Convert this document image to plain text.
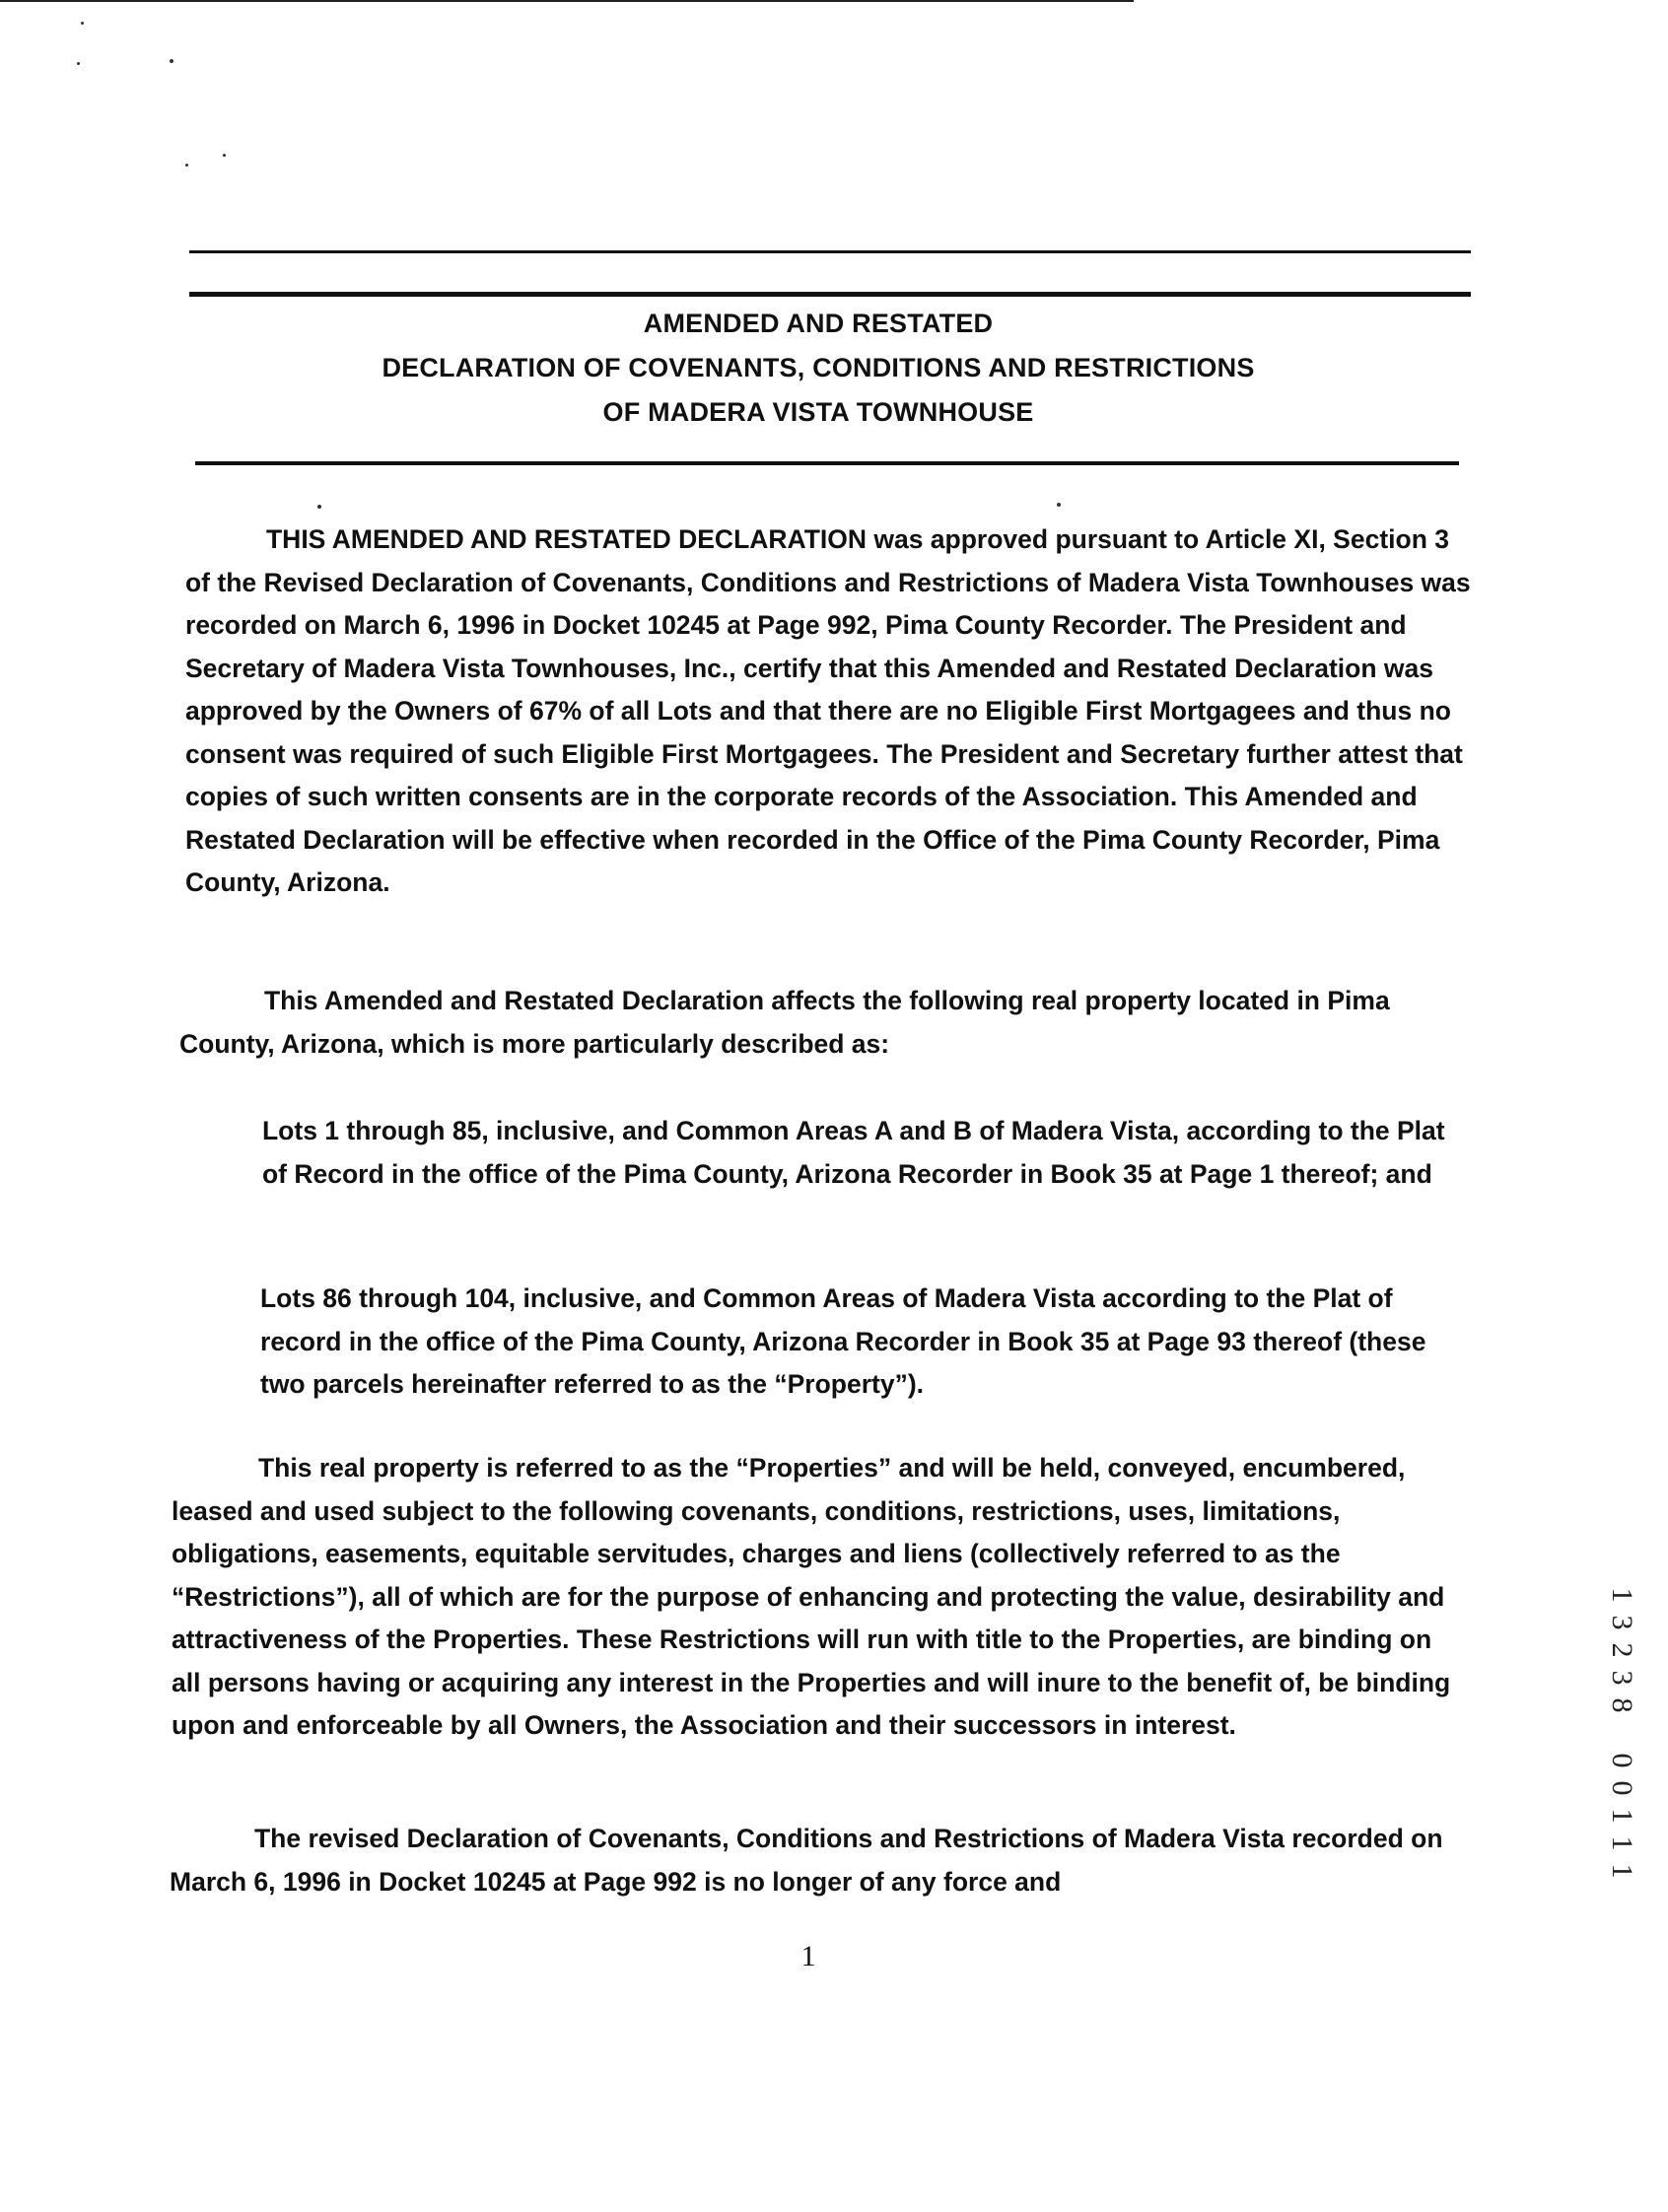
AMENDED AND RESTATED
DECLARATION OF COVENANTS, CONDITIONS AND RESTRICTIONS
OF MADERA VISTA TOWNHOUSE

THIS AMENDED AND RESTATED DECLARATION was approved pursuant to Article XI, Section 3 of the Revised Declaration of Covenants, Conditions and Restrictions of Madera Vista Townhouses was recorded on March 6, 1996 in Docket 10245 at Page 992, Pima County Recorder. The President and Secretary of Madera Vista Townhouses, Inc., certify that this Amended and Restated Declaration was approved by the Owners of 67% of all Lots and that there are no Eligible First Mortgagees and thus no consent was required of such Eligible First Mortgagees. The President and Secretary further attest that copies of such written consents are in the corporate records of the Association. This Amended and Restated Declaration will be effective when recorded in the Office of the Pima County Recorder, Pima County, Arizona.

This Amended and Restated Declaration affects the following real property located in Pima County, Arizona, which is more particularly described as:

Lots 1 through 85, inclusive, and Common Areas A and B of Madera Vista, according to the Plat of Record in the office of the Pima County, Arizona Recorder in Book 35 at Page 1 thereof; and

Lots 86 through 104, inclusive, and Common Areas of Madera Vista according to the Plat of record in the office of the Pima County, Arizona Recorder in Book 35 at Page 93 thereof (these two parcels hereinafter referred to as the “Property”).

This real property is referred to as the “Properties” and will be held, conveyed, encumbered, leased and used subject to the following covenants, conditions, restrictions, uses, limitations, obligations, easements, equitable servitudes, charges and liens (collectively referred to as the “Restrictions”), all of which are for the purpose of enhancing and protecting the value, desirability and attractiveness of the Properties. These Restrictions will run with title to the Properties, are binding on all persons having or acquiring any interest in the Properties and will inure to the benefit of, be binding upon and enforceable by all Owners, the Association and their successors in interest.

The revised Declaration of Covenants, Conditions and Restrictions of Madera Vista recorded on March 6, 1996 in Docket 10245 at Page 992 is no longer of any force and

1
1
3
2
3
8
0
0
1
1
1
